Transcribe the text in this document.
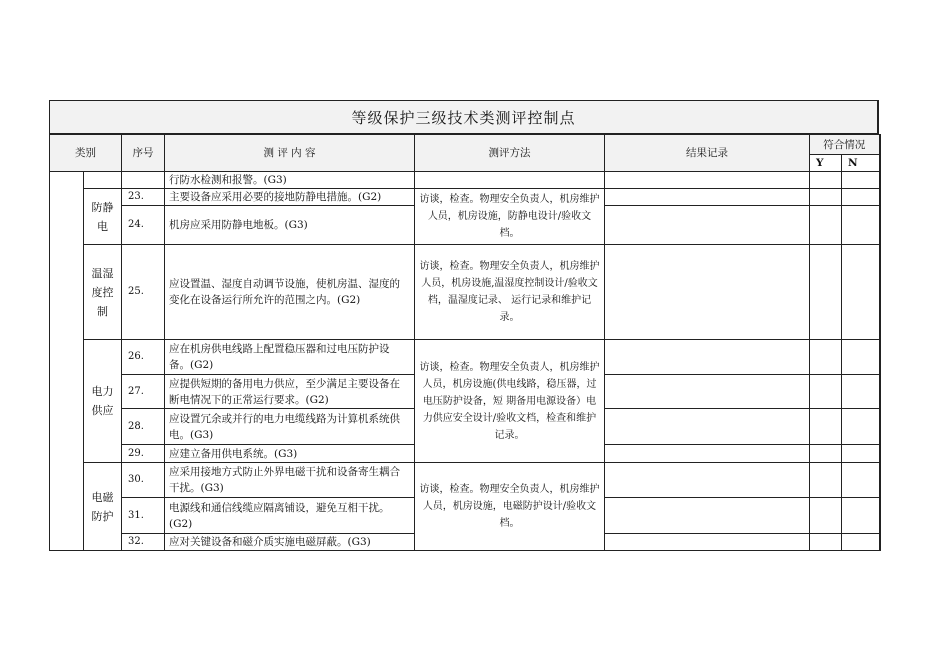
等级保护三级技术类测评控制点
类别		序号	测 评 内 容	测评方法	结果记录	符合情况	
						Y	N
			行防水检测和报警。(G3)				
	防静电	23.	主要设备应采用必要的接地防静电措施。(G2)	访谈，检查。物理安全负责人，机房维护人员，机房设施，防静电设计/验收文档。			
		24.	机房应采用防静电地板。(G3)				
	温湿度控制	25.	应设置温、湿度自动调节设施，使机房温、湿度的变化在设备运行所允许的范围之内。(G2)	访谈，检查。物理安全负责人，机房维护人员，机房设施,温湿度控制设计/验收文档，温湿度记录、 运行记录和维护记录。			
	电力供应	26.	应在机房供电线路上配置稳压器和过电压防护设备。(G2)	访谈，检查。物理安全负责人，机房维护人员，机房设施(供电线路，稳压器，过电压防护设备，短 期备用电源设备）电力供应安全设计/验收文档，检查和维护记录。			
		27.	应提供短期的备用电力供应，至少满足主要设备在断电情况下的正常运行要求。(G2)				
		28.	应设置冗余或并行的电力电缆线路为计算机系统供电。(G3)				
		29.	应建立备用供电系统。(G3)				
	电磁防护	30.	应采用接地方式防止外界电磁干扰和设备寄生耦合干扰。(G3)	访谈，检查。物理安全负责人，机房维护人员，机房设施，电磁防护设计/验收文档。			
		31.	电源线和通信线缆应隔离铺设，避免互相干扰。(G2)				
		32.	应对关键设备和磁介质实施电磁屏蔽。(G3)				
